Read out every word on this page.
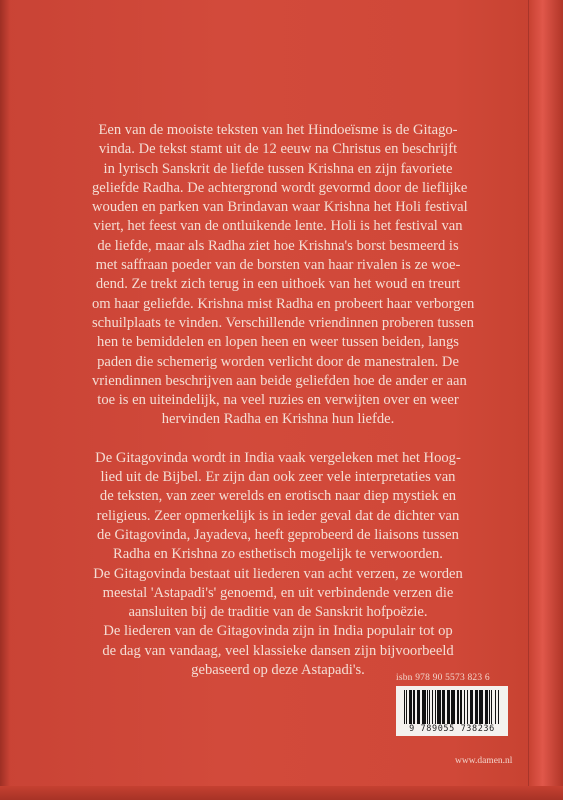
Een van de mooiste teksten van het Hindoeïsme is de Gitago-
vinda. De tekst stamt uit de 12 eeuw na Christus en beschrijft
in lyrisch Sanskrit de liefde tussen Krishna en zijn favoriete
geliefde Radha. De achtergrond wordt gevormd door de lieflijke
wouden en parken van Brindavan waar Krishna het Holi festival
viert, het feest van de ontluikende lente. Holi is het festival van
de liefde, maar als Radha ziet hoe Krishna's borst besmeerd is
met saffraan poeder van de borsten van haar rivalen is ze woe-
dend. Ze trekt zich terug in een uithoek van het woud en treurt
om haar geliefde. Krishna mist Radha en probeert haar verborgen
schuilplaats te vinden. Verschillende vriendinnen proberen tussen
hen te bemiddelen en lopen heen en weer tussen beiden, langs
paden die schemerig worden verlicht door de manestralen. De
vriendinnen beschrijven aan beide geliefden hoe de ander er aan
toe is en uiteindelijk, na veel ruzies en verwijten over en weer
hervinden Radha en Krishna hun liefde.
De Gitagovinda wordt in India vaak vergeleken met het Hoog-
lied uit de Bijbel. Er zijn dan ook zeer vele interpretaties van
de teksten, van zeer werelds en erotisch naar diep mystiek en
religieus. Zeer opmerkelijk is in ieder geval dat de dichter van
de Gitagovinda, Jayadeva, heeft geprobeerd de liaisons tussen
Radha en Krishna zo esthetisch mogelijk te verwoorden.
De Gitagovinda bestaat uit liederen van acht verzen, ze worden
meestal 'Astapadi's' genoemd, en uit verbindende verzen die
aansluiten bij de traditie van de Sanskrit hofpoëzie.
De liederen van de Gitagovinda zijn in India populair tot op
de dag van vandaag, veel klassieke dansen zijn bijvoorbeeld
gebaseerd op deze Astapadi's.	isbn 978 90 5573 823 6
9 789055 738236
www.damen.nl
